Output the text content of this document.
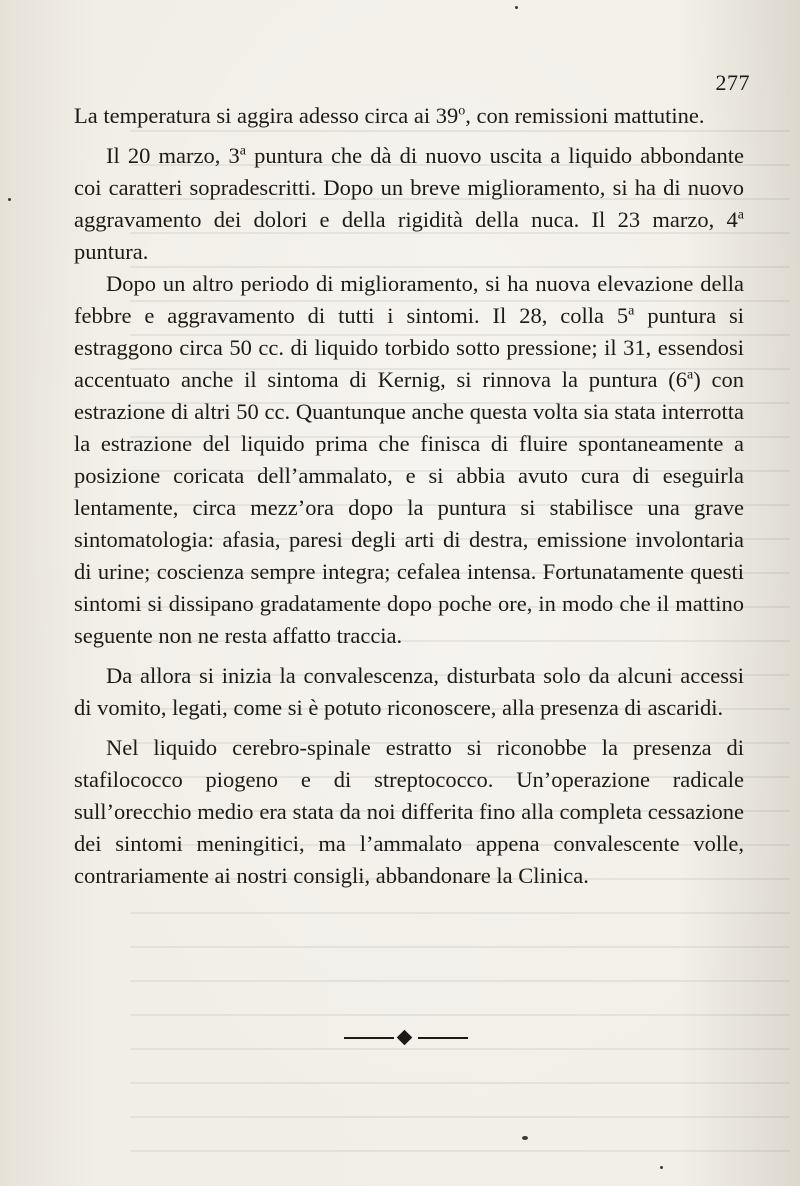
277

La temperatura si aggira adesso circa ai 39$^o$, con remissioni mattutine.

Il 20 marzo, 3$^a$ puntura che dà di nuovo uscita a liquido abbondante coi caratteri sopradescritti. Dopo un breve miglioramento, si ha di nuovo aggravamento dei dolori e della rigidità della nuca. Il 23 marzo, 4$^a$ puntura.

Dopo un altro periodo di miglioramento, si ha nuova elevazione della febbre e aggravamento di tutti i sintomi. Il 28, colla 5$^a$ puntura si estraggono circa 50 cc. di liquido torbido sotto pressione; il 31, essendosi accentuato anche il sintoma di Kernig, si rinnova la puntura (6$^a$) con estrazione di altri 50 cc. Quantunque anche questa volta sia stata interrotta la estrazione del liquido prima che finisca di fluire spontaneamente a posizione coricata dell’ammalato, e si abbia avuto cura di eseguirla lentamente, circa mezz’ora dopo la puntura si stabilisce una grave sintomatologia: afasia, paresi degli arti di destra, emissione involontaria di urine; coscienza sempre integra; cefalea intensa. Fortunatamente questi sintomi si dissipano gradatamente dopo poche ore, in modo che il mattino seguente non ne resta affatto traccia.

Da allora si inizia la convalescenza, disturbata solo da alcuni accessi di vomito, legati, come si è potuto riconoscere, alla presenza di ascaridi.

Nel liquido cerebro-spinale estratto si riconobbe la presenza di stafilococco piogeno e di streptococco. Un’operazione radicale sull’orecchio medio era stata da noi differita fino alla completa cessazione dei sintomi meningitici, ma l’ammalato appena convalescente volle, contrariamente ai nostri consigli, abbandonare la Clinica.
